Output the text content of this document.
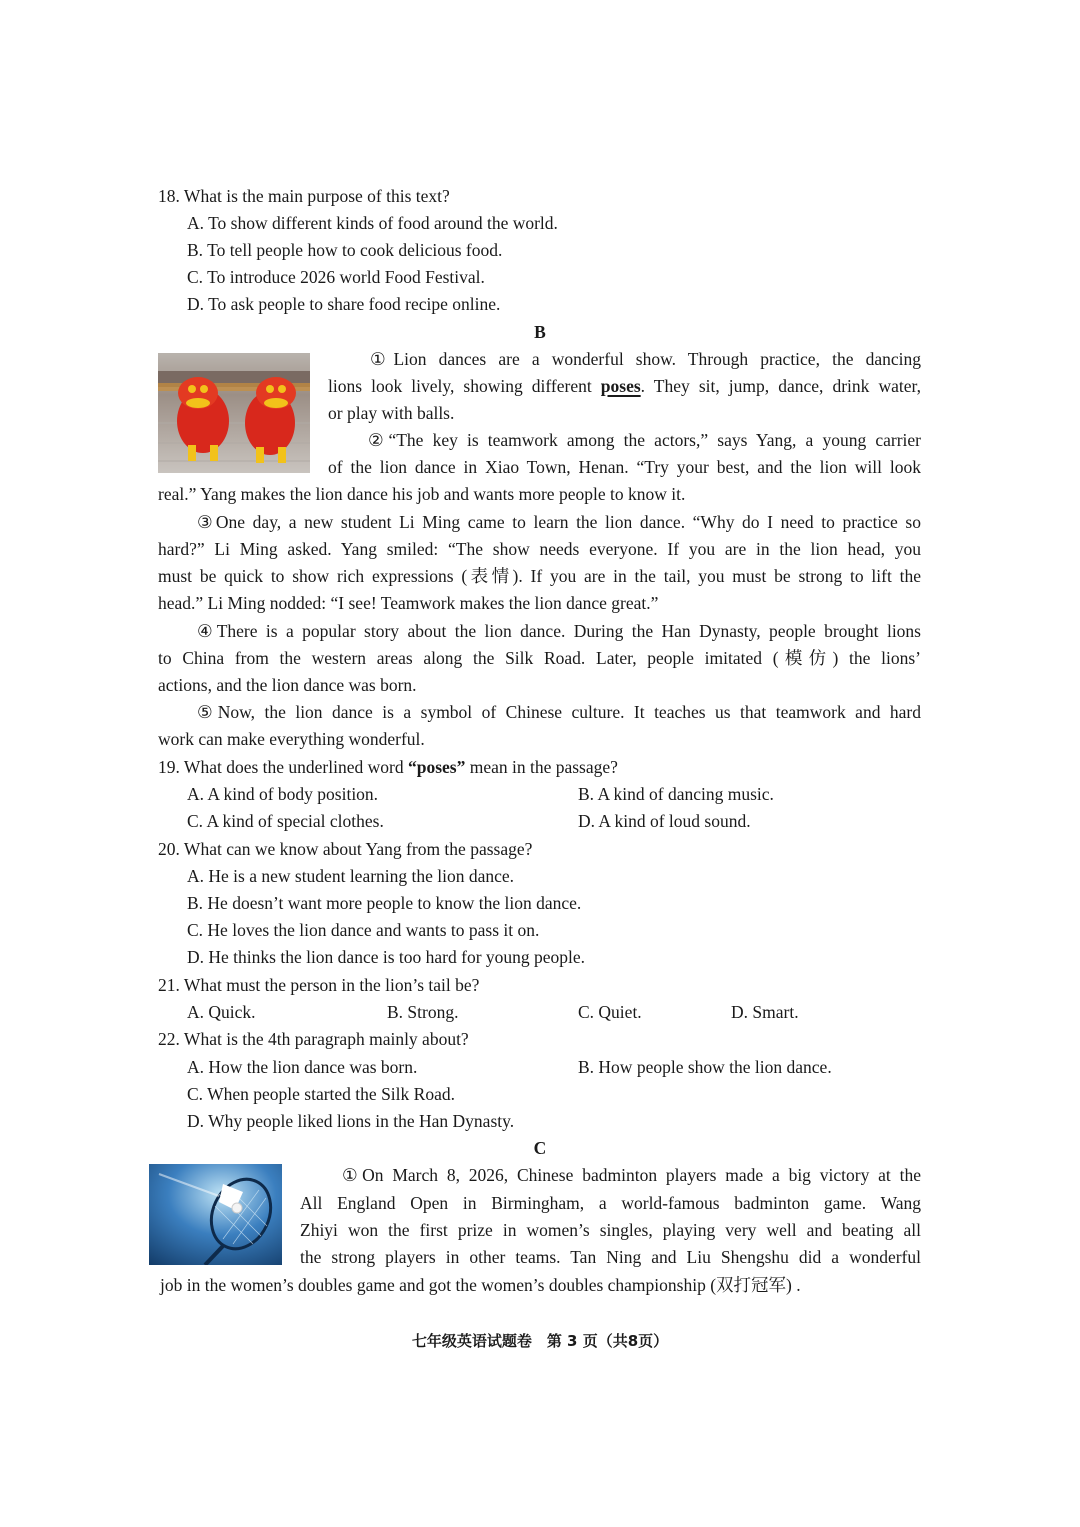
18. What is the main purpose of this text?
A. To show different kinds of food around the world.
B. To tell people how to cook delicious food.
C. To introduce 2026 world Food Festival.
D. To ask people to share food recipe online.
B
①Lion dances are a wonderful show. Through practice, the dancing
lions look lively, showing different poses. They sit, jump, dance, drink water,
or play with balls.
②“The key is teamwork among the actors,” says Yang, a young carrier
of the lion dance in Xiao Town, Henan. “Try your best, and the lion will look
real.” Yang makes the lion dance his job and wants more people to know it.
③One day, a new student Li Ming came to learn the lion dance. “Why do I need to practice so
hard?” Li Ming asked. Yang smiled: “The show needs everyone. If you are in the lion head, you
must be quick to show rich expressions (表情). If you are in the tail, you must be strong to lift the
head.” Li Ming nodded: “I see! Teamwork makes the lion dance great.”
④There is a popular story about the lion dance. During the Han Dynasty, people brought lions
to China from the western areas along the Silk Road. Later, people imitated (模仿) the lions’
actions, and the lion dance was born.
⑤Now, the lion dance is a symbol of Chinese culture. It teaches us that teamwork and hard
work can make everything wonderful.
19. What does the underlined word “poses” mean in the passage?
A. A kind of body position.	B. A kind of dancing music.
C. A kind of special clothes.	D. A kind of loud sound.
20. What can we know about Yang from the passage?
A. He is a new student learning the lion dance.
B. He doesn’t want more people to know the lion dance.
C. He loves the lion dance and wants to pass it on.
D. He thinks the lion dance is too hard for young people.
21. What must the person in the lion’s tail be?
A. Quick.	B. Strong.	C. Quiet.	D. Smart.
22. What is the 4th paragraph mainly about?
A. How the lion dance was born.	B. How people show the lion dance.
C. When people started the Silk Road.
D. Why people liked lions in the Han Dynasty.
C
①On March 8, 2026, Chinese badminton players made a big victory at the
All England Open in Birmingham, a world-famous badminton game. Wang
Zhiyi won the first prize in women’s singles, playing very well and beating all
the strong players in other teams. Tan Ning and Liu Shengshu did a wonderful
job in the women’s doubles game and got the women’s doubles championship (双打冠军) .
七年级英语试题卷　第 3 页（共8页）
